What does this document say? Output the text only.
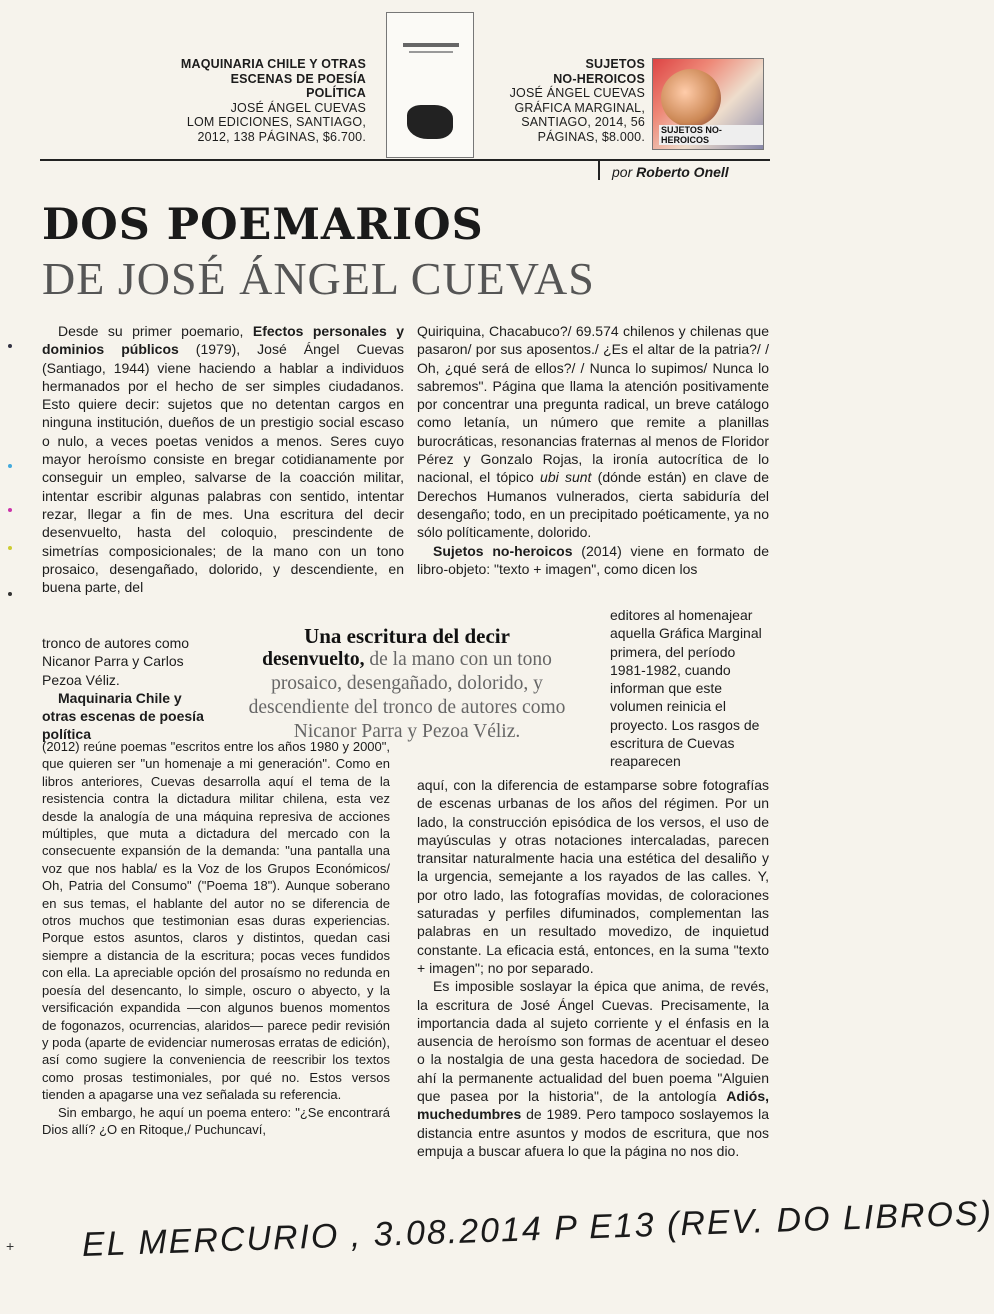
MAQUINARIA CHILE Y OTRAS
ESCENAS DE POESÍA
POLÍTICA
JOSÉ ÁNGEL CUEVAS
LOM EDICIONES, SANTIAGO,
2012, 138 PÁGINAS, $6.700.
SUJETOS
NO-HEROICOS
JOSÉ ÁNGEL CUEVAS
GRÁFICA MARGINAL,
SANTIAGO, 2014, 56
PÁGINAS, $8.000. SUJETOS NO-HEROICOS
por Roberto Onell
DOS POEMARIOS
DE JOSÉ ÁNGEL CUEVAS

Desde su primer poemario, Efectos personales y dominios públicos (1979), José Ángel Cuevas (Santiago, 1944) viene haciendo a hablar a individuos hermanados por el hecho de ser simples ciudadanos. Esto quiere decir: sujetos que no detentan cargos en ninguna institución, dueños de un prestigio social escaso o nulo, a veces poetas venidos a menos. Seres cuyo mayor heroísmo consiste en bregar cotidianamente por conseguir un empleo, salvarse de la coacción militar, intentar escribir algunas palabras con sentido, intentar rezar, llegar a fin de mes. Una escritura del decir desenvuelto, hasta del coloquio, prescindente de simetrías composicionales; de la mano con un tono prosaico, desengañado, dolorido, y descendiente, en buena parte, del

tronco de autores como Nicanor Parra y Carlos Pezoa Véliz.

Maquinaria Chile y otras escenas de poesía política

(2012) reúne poemas "escritos entre los años 1980 y 2000", que quieren ser "un homenaje a mi generación". Como en libros anteriores, Cuevas desarrolla aquí el tema de la resistencia contra la dictadura militar chilena, esta vez desde la analogía de una máquina represiva de acciones múltiples, que muta a dictadura del mercado con la consecuente expansión de la demanda: "una pantalla una voz que nos habla/ es la Voz de los Grupos Económicos/ Oh, Patria del Consumo" ("Poema 18"). Aunque soberano en sus temas, el hablante del autor no se diferencia de otros muchos que testimonian esas duras experiencias. Porque estos asuntos, claros y distintos, quedan casi siempre a distancia de la escritura; pocas veces fundidos con ella. La apreciable opción del prosaísmo no redunda en poesía del desencanto, lo simple, oscuro o abyecto, y la versificación expandida —con algunos buenos momentos de fogonazos, ocurrencias, alaridos— parece pedir revisión y poda (aparte de evidenciar numerosas erratas de edición), así como sugiere la conveniencia de reescribir los textos como prosas testimoniales, por qué no. Estos versos tienden a apagarse una vez señalada su referencia.

Sin embargo, he aquí un poema entero: "¿Se encontrará Dios allí? ¿O en Ritoque,/ Puchuncaví,

Una escritura del decir
desenvuelto, de la mano con un tono prosaico, desengañado, dolorido, y descendiente del tronco de autores como Nicanor Parra y Pezoa Véliz.

Quiriquina, Chacabuco?/ 69.574 chilenos y chilenas que pasaron/ por sus aposentos./ ¿Es el altar de la patria?/ / Oh, ¿qué será de ellos?/ / Nunca lo supimos/ Nunca lo sabremos". Página que llama la atención positivamente por concentrar una pregunta radical, un breve catálogo como letanía, un número que remite a planillas burocráticas, resonancias fraternas al menos de Floridor Pérez y Gonzalo Rojas, la ironía autocrítica de lo nacional, el tópico ubi sunt (dónde están) en clave de Derechos Humanos vulnerados, cierta sabiduría del desengaño; todo, en un precipitado poéticamente, ya no sólo políticamente, dolorido.

Sujetos no-heroicos (2014) viene en formato de libro-objeto: "texto + imagen", como dicen los

editores al homenajear aquella Gráfica Marginal primera, del período 1981-1982, cuando informan que este volumen reinicia el proyecto. Los rasgos de escritura de Cuevas reaparecen

aquí, con la diferencia de estamparse sobre fotografías de escenas urbanas de los años del régimen. Por un lado, la construcción episódica de los versos, el uso de mayúsculas y otras notaciones intercaladas, parecen transitar naturalmente hacia una estética del desaliño y la urgencia, semejante a los rayados de las calles. Y, por otro lado, las fotografías movidas, de coloraciones saturadas y perfiles difuminados, complementan las palabras en un resultado movedizo, de inquietud constante. La eficacia está, entonces, en la suma "texto + imagen"; no por separado.

Es imposible soslayar la épica que anima, de revés, la escritura de José Ángel Cuevas. Precisamente, la importancia dada al sujeto corriente y el énfasis en la ausencia de heroísmo son formas de acentuar el deseo o la nostalgia de una gesta hacedora de sociedad. De ahí la permanente actualidad del buen poema "Alguien que pasea por la historia", de la antología Adiós, muchedumbres de 1989. Pero tampoco soslayemos la distancia entre asuntos y modos de escritura, que nos empuja a buscar afuera lo que la página no nos dio.

+ EL MERCURIO , 3.08.2014 P E13 (REV. DO LIBROS)
